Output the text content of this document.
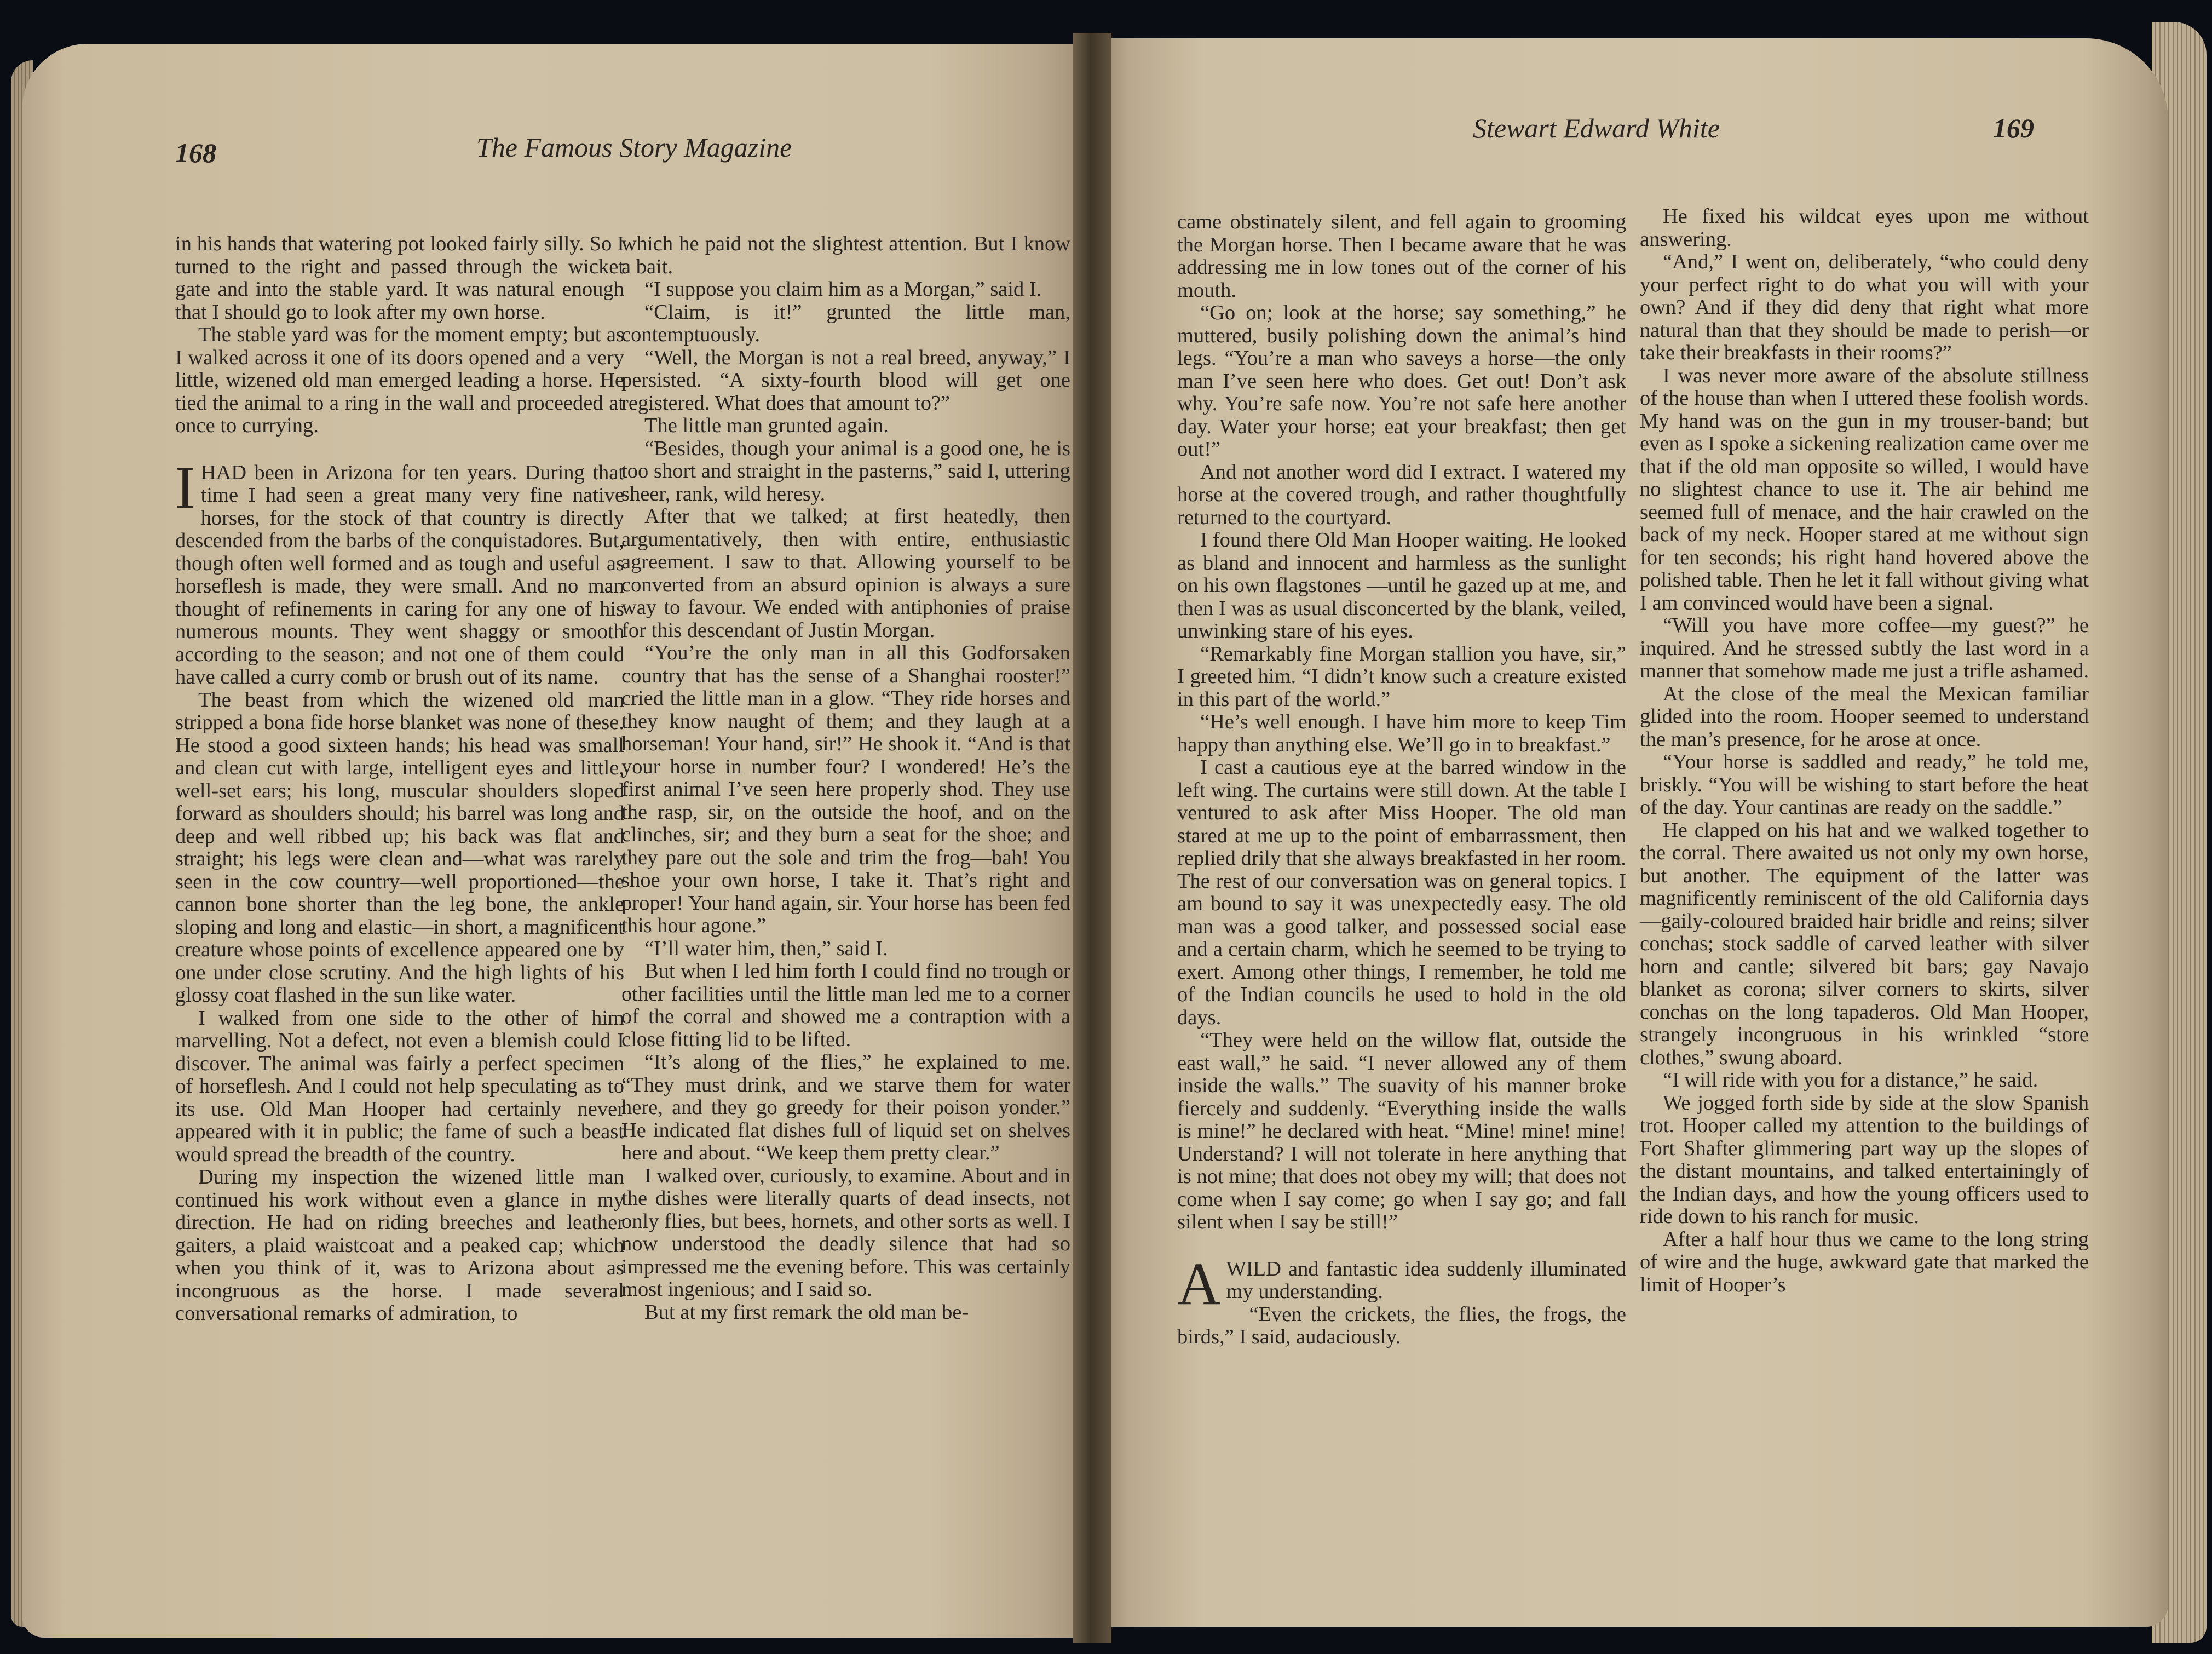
168	The Famous Story Magazine

in his hands that watering pot looked fairly silly. So I turned to the right and passed through the wicket gate and into the stable yard. It was natural enough that I should go to look after my own horse.

The stable yard was for the moment empty; but as I walked across it one of its doors opened and a very little, wizened old man emerged leading a horse. He tied the animal to a ring in the wall and proceeded at once to currying.

IHAD been in Arizona for ten years. During that time I had seen a great many very fine native horses, for the stock of that country is directly descended from the barbs of the conquistadores. But, though often well formed and as tough and useful as horseflesh is made, they were small. And no man thought of refinements in caring for any one of his numerous mounts. They went shaggy or smooth according to the season; and not one of them could have called a curry comb or brush out of its name.

The beast from which the wizened old man stripped a bona fide horse blanket was none of these. He stood a good sixteen hands; his head was small and clean cut with large, intelligent eyes and little, well-set ears; his long, muscular shoulders sloped forward as shoulders should; his barrel was long and deep and well ribbed up; his back was flat and straight; his legs were clean and—what was rarely seen in the cow country—well proportioned—the cannon bone shorter than the leg bone, the ankle sloping and long and elastic—in short, a magnificent creature whose points of excellence appeared one by one under close scrutiny. And the high lights of his glossy coat flashed in the sun like water.

I walked from one side to the other of him marvelling. Not a defect, not even a blemish could I discover. The animal was fairly a perfect specimen of horseflesh. And I could not help speculating as to its use. Old Man Hooper had certainly never appeared with it in public; the fame of such a beast would spread the breadth of the country.

During my inspection the wizened little man continued his work without even a glance in my direction. He had on riding breeches and leather gaiters, a plaid waistcoat and a peaked cap; which when you think of it, was to Arizona about as incongruous as the horse. I made several conversational remarks of admiration, to

which he paid not the slightest attention. But I know a bait.

“I suppose you claim him as a Morgan,” said I.

“Claim, is it!” grunted the little man, contemptuously.

“Well, the Morgan is not a real breed, anyway,” I persisted. “A sixty-fourth blood will get one registered. What does that amount to?”

The little man grunted again.

“Besides, though your animal is a good one, he is too short and straight in the pasterns,” said I, uttering sheer, rank, wild heresy.

After that we talked; at first heatedly, then argumentatively, then with entire, enthusiastic agreement. I saw to that. Allowing yourself to be converted from an absurd opinion is always a sure way to favour. We ended with antiphonies of praise for this descendant of Justin Morgan.

“You’re the only man in all this Godforsaken country that has the sense of a Shanghai rooster!” cried the little man in a glow. “They ride horses and they know naught of them; and they laugh at a horseman! Your hand, sir!” He shook it. “And is that your horse in number four? I wondered! He’s the first animal I’ve seen here properly shod. They use the rasp, sir, on the outside the hoof, and on the clinches, sir; and they burn a seat for the shoe; and they pare out the sole and trim the frog—bah! You shoe your own horse, I take it. That’s right and proper! Your hand again, sir. Your horse has been fed this hour agone.”

“I’ll water him, then,” said I.

But when I led him forth I could find no trough or other facilities until the little man led me to a corner of the corral and showed me a contraption with a close fitting lid to be lifted.

“It’s along of the flies,” he explained to me. “They must drink, and we starve them for water here, and they go greedy for their poison yonder.” He indicated flat dishes full of liquid set on shelves here and about. “We keep them pretty clear.”

I walked over, curiously, to examine. About and in the dishes were literally quarts of dead insects, not only flies, but bees, hornets, and other sorts as well. I now understood the deadly silence that had so impressed me the evening before. This was certainly most ingenious; and I said so.

But at my first remark the old man be-

Stewart Edward White	169

came obstinately silent, and fell again to grooming the Morgan horse. Then I became aware that he was addressing me in low tones out of the corner of his mouth.

“Go on; look at the horse; say something,” he muttered, busily polishing down the animal’s hind legs. “You’re a man who saveys a horse—the only man I’ve seen here who does. Get out! Don’t ask why. You’re safe now. You’re not safe here another day. Water your horse; eat your breakfast; then get out!”

And not another word did I extract. I watered my horse at the covered trough, and rather thoughtfully returned to the courtyard.

I found there Old Man Hooper waiting. He looked as bland and innocent and harmless as the sunlight on his own flagstones —until he gazed up at me, and then I was as usual disconcerted by the blank, veiled, unwinking stare of his eyes.

“Remarkably fine Morgan stallion you have, sir,” I greeted him. “I didn’t know such a creature existed in this part of the world.”

“He’s well enough. I have him more to keep Tim happy than anything else. We’ll go in to breakfast.”

I cast a cautious eye at the barred window in the left wing. The curtains were still down. At the table I ventured to ask after Miss Hooper. The old man stared at me up to the point of embarrassment, then replied drily that she always breakfasted in her room. The rest of our conversation was on general topics. I am bound to say it was unexpectedly easy. The old man was a good talker, and possessed social ease and a certain charm, which he seemed to be trying to exert. Among other things, I remember, he told me of the Indian councils he used to hold in the old days.

“They were held on the willow flat, outside the east wall,” he said. “I never allowed any of them inside the walls.” The suavity of his manner broke fiercely and suddenly. “Everything inside the walls is mine!” he declared with heat. “Mine! mine! mine! Understand? I will not tolerate in here anything that is not mine; that does not obey my will; that does not come when I say come; go when I say go; and fall silent when I say be still!”

AWILD and fantastic idea suddenly illuminated my understanding.

“Even the crickets, the flies, the frogs, the birds,” I said, audaciously.

He fixed his wildcat eyes upon me without answering.

“And,” I went on, deliberately, “who could deny your perfect right to do what you will with your own? And if they did deny that right what more natural than that they should be made to perish—or take their breakfasts in their rooms?”

I was never more aware of the absolute stillness of the house than when I uttered these foolish words. My hand was on the gun in my trouser-band; but even as I spoke a sickening realization came over me that if the old man opposite so willed, I would have no slightest chance to use it. The air behind me seemed full of menace, and the hair crawled on the back of my neck. Hooper stared at me without sign for ten seconds; his right hand hovered above the polished table. Then he let it fall without giving what I am convinced would have been a signal.

“Will you have more coffee—my guest?” he inquired. And he stressed subtly the last word in a manner that somehow made me just a trifle ashamed.

At the close of the meal the Mexican familiar glided into the room. Hooper seemed to understand the man’s presence, for he arose at once.

“Your horse is saddled and ready,” he told me, briskly. “You will be wishing to start before the heat of the day. Your cantinas are ready on the saddle.”

He clapped on his hat and we walked together to the corral. There awaited us not only my own horse, but another. The equipment of the latter was magnificently reminiscent of the old California days—gaily-coloured braided hair bridle and reins; silver conchas; stock saddle of carved leather with silver horn and cantle; silvered bit bars; gay Navajo blanket as corona; silver corners to skirts, silver conchas on the long tapaderos. Old Man Hooper, strangely incongruous in his wrinkled “store clothes,” swung aboard.

“I will ride with you for a distance,” he said.

We jogged forth side by side at the slow Spanish trot. Hooper called my attention to the buildings of Fort Shafter glimmering part way up the slopes of the distant mountains, and talked entertainingly of the Indian days, and how the young officers used to ride down to his ranch for music.

After a half hour thus we came to the long string of wire and the huge, awkward gate that marked the limit of Hooper’s
